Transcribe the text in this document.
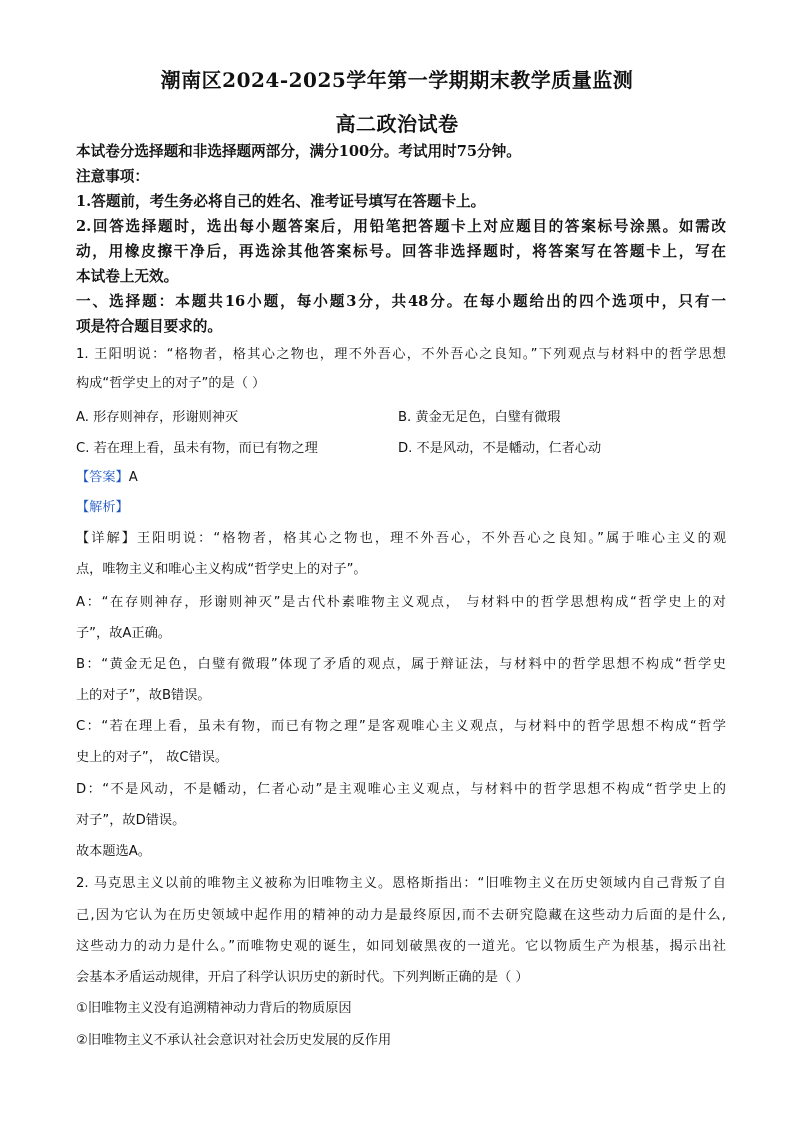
潮南区2024-2025学年第一学期期末教学质量监测
高二政治试卷
本试卷分选择题和非选择题两部分，满分100分。考试用时75分钟。
注意事项：
1.答题前，考生务必将自己的姓名、准考证号填写在答题卡上。
2.回答选择题时，选出每小题答案后，用铅笔把答题卡上对应题目的答案标号涂黑。如需改
动，用橡皮擦干净后，再选涂其他答案标号。回答非选择题时，将答案写在答题卡上，写在
本试卷上无效。
一、选择题：本题共16小题，每小题3分，共48分。在每小题给出的四个选项中，只有一
项是符合题目要求的。
1. 王阳明说：“格物者，格其心之物也，理不外吾心，不外吾心之良知。”下列观点与材料中的哲学思想
构成“哲学史上的对子”的是（ ）
A. 形存则神存，形谢则神灭	B. 黄金无足色，白璧有微瑕
C. 若在理上看，虽未有物，而已有物之理	D. 不是风动，不是幡动，仁者心动
【答案】A
【解析】
【详解】王阳明说：“格物者，格其心之物也，理不外吾心，不外吾心之良知。”属于唯心主义的观
点，唯物主义和唯心主义构成“哲学史上的对子”。
A：“在存则神存，形谢则神灭”是古代朴素唯物主义观点， 与材料中的哲学思想构成“哲学史上的对
子”，故A正确。
B：“黄金无足色，白璧有微瑕”体现了矛盾的观点，属于辩证法，与材料中的哲学思想不构成“哲学史
上的对子”，故B错误。
C：“若在理上看，虽未有物，而已有物之理”是客观唯心主义观点，与材料中的哲学思想不构成“哲学
史上的对子”， 故C错误。
D：“不是风动，不是幡动，仁者心动”是主观唯心主义观点，与材料中的哲学思想不构成“哲学史上的
对子”，故D错误。
故本题选A。
2. 马克思主义以前的唯物主义被称为旧唯物主义。恩格斯指出：“旧唯物主义在历史领域内自己背叛了自
己,因为它认为在历史领域中起作用的精神的动力是最终原因,而不去研究隐藏在这些动力后面的是什么,
这些动力的动力是什么。”而唯物史观的诞生，如同划破黑夜的一道光。它以物质生产为根基，揭示出社
会基本矛盾运动规律，开启了科学认识历史的新时代。下列判断正确的是（ ）
①旧唯物主义没有追溯精神动力背后的物质原因
②旧唯物主义不承认社会意识对社会历史发展的反作用
